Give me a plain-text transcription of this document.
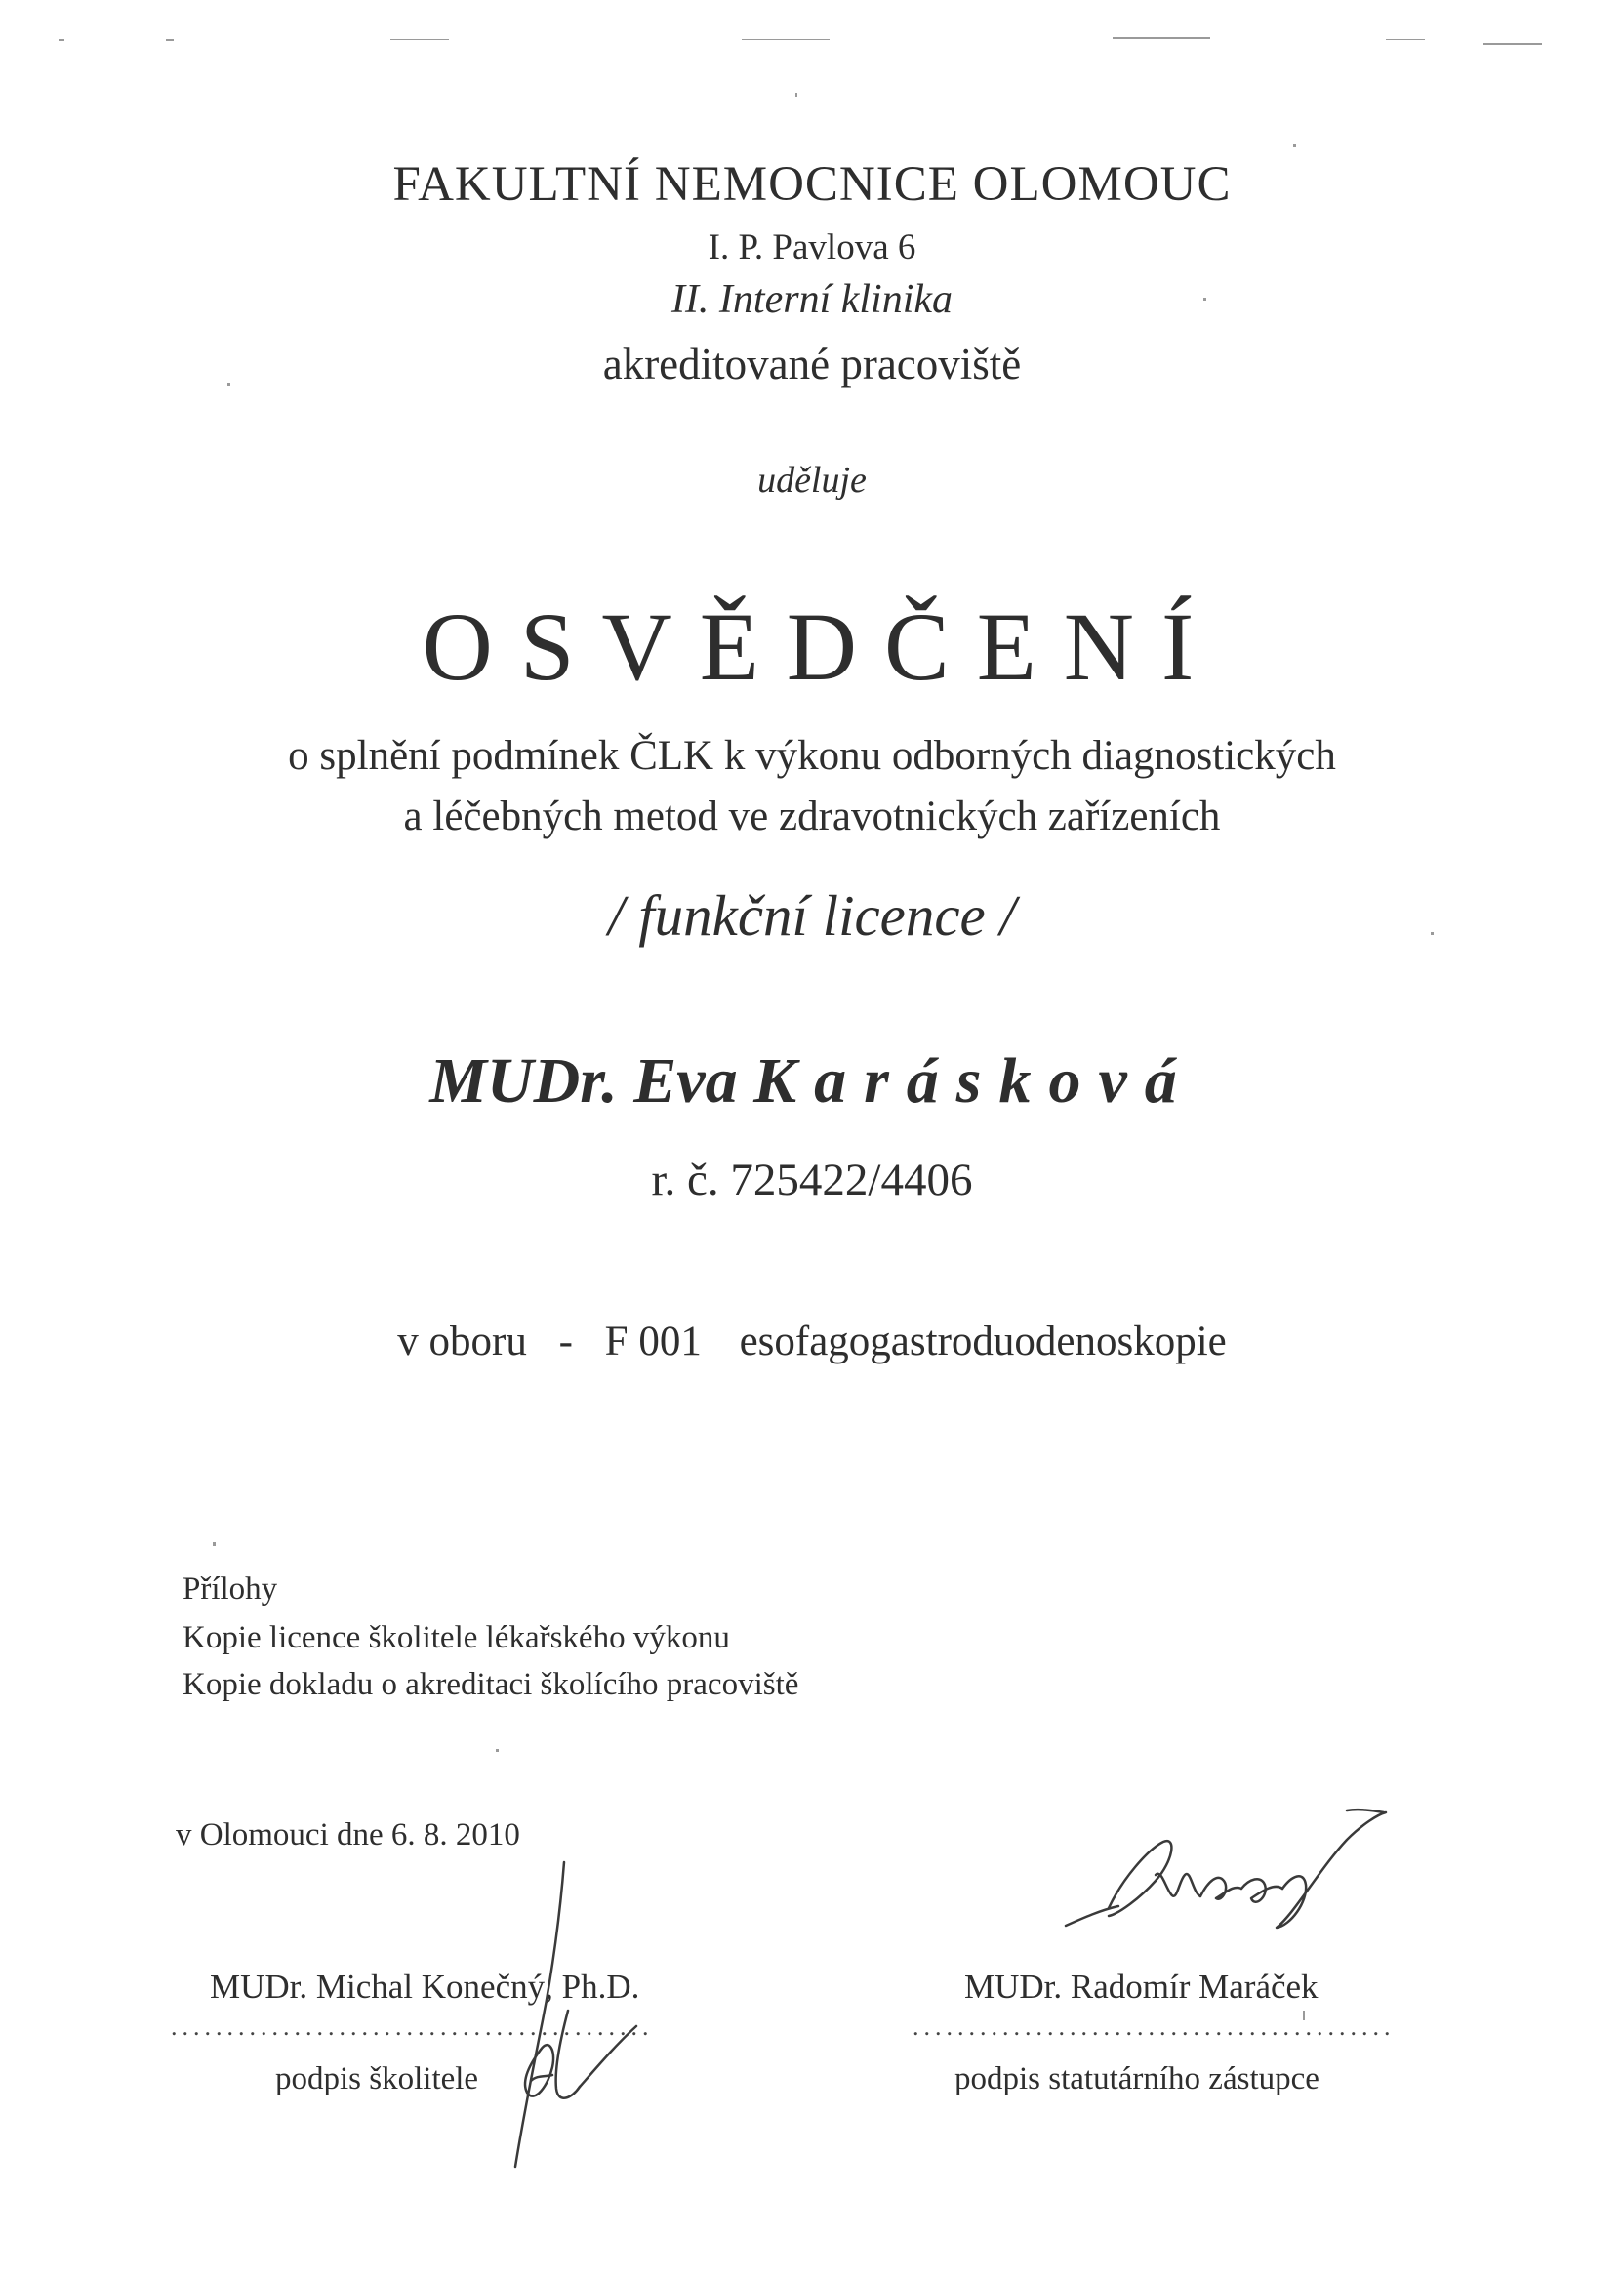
FAKULTNÍ NEMOCNICE OLOMOUC
I. P. Pavlova 6
II. Interní klinika
akreditované pracoviště
uděluje
OSVĚDČENÍ
o splnění podmínek ČLK k výkonu odborných diagnostických
a léčebných metod ve zdravotnických zařízeních
/ funkční licence /
MUDr. Eva Karásková
r. č. 725422/4406
v oboru - F 001 esofagogastroduodenoskopie
Přílohy
Kopie licence školitele lékařského výkonu
Kopie dokladu o akreditaci školícího pracoviště
v Olomouci dne 6. 8. 2010
MUDr. Michal Konečný, Ph.D.
...........................................
podpis školitele
MUDr. Radomír Maráček
...........................................
podpis statutárního zástupce
